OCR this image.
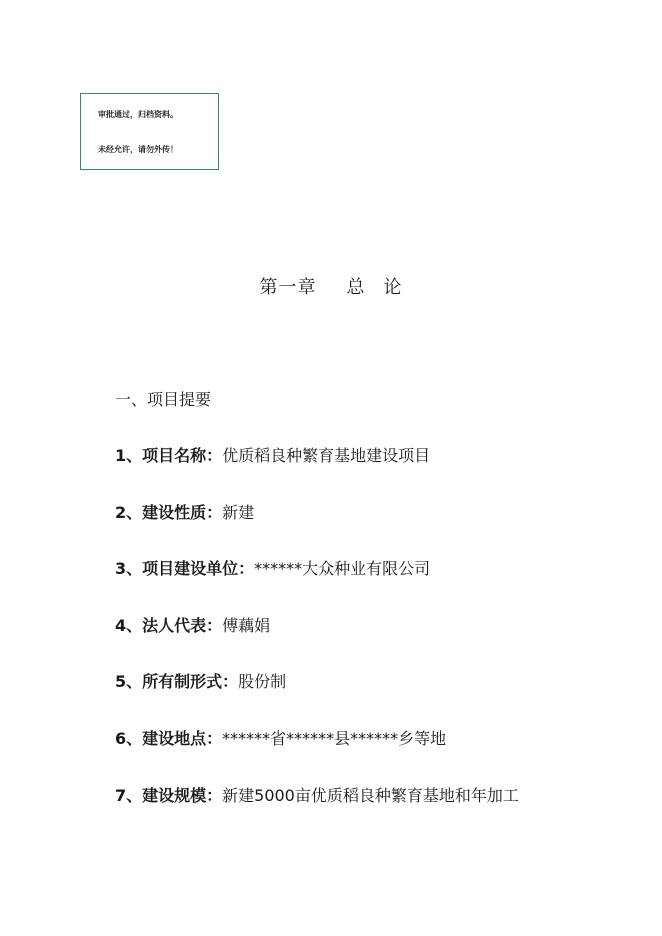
审批通过，归档资料。
未经允许，请勿外传！
第一章 总 论
一、项目提要
1、项目名称：优质稻良种繁育基地建设项目
2、建设性质：新建
3、项目建设单位：******大众种业有限公司
4、法人代表：傅藕娟
5、所有制形式：股份制
6、建设地点：******省******县******乡等地
7、建设规模：新建5000亩优质稻良种繁育基地和年加工
